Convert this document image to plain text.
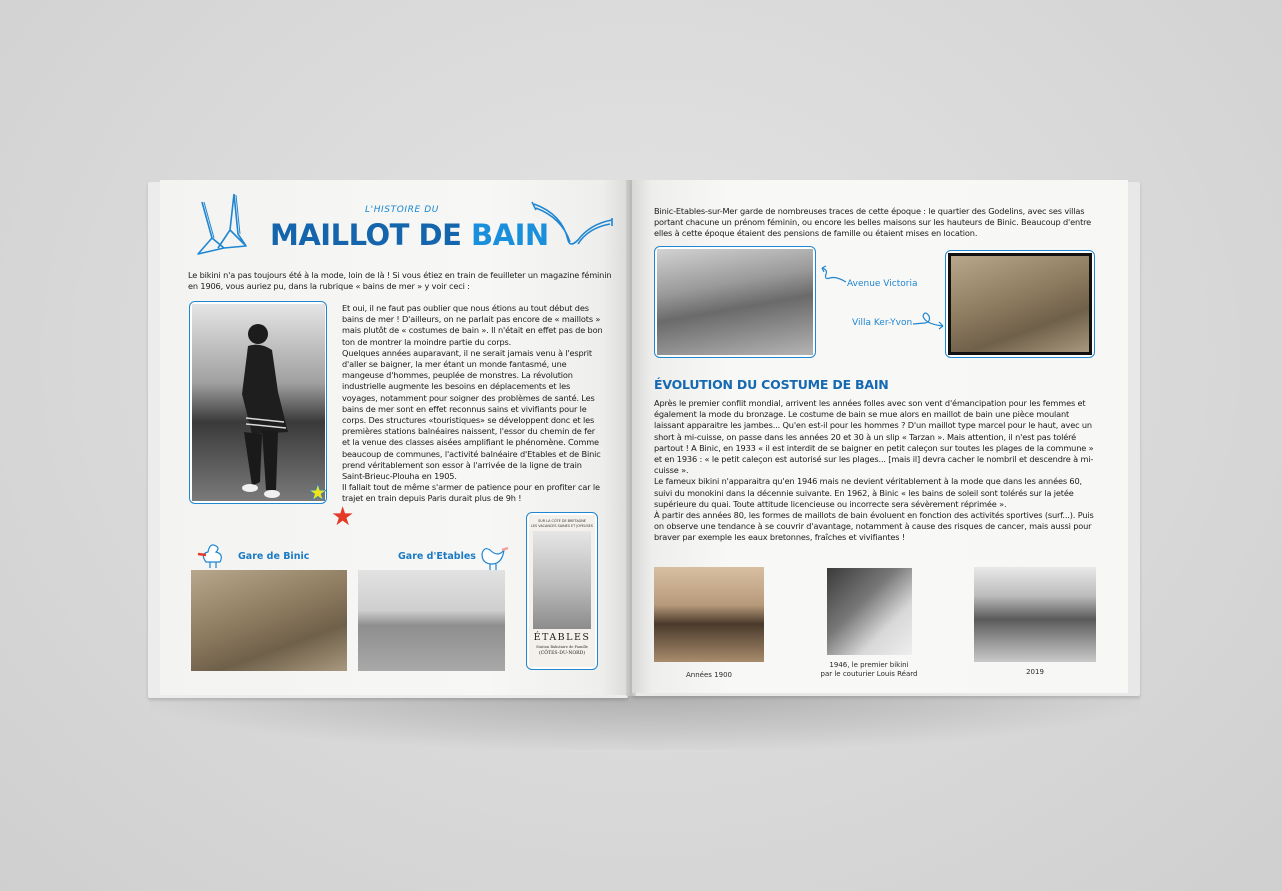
L'HISTOIRE DU
MAILLOT DE BAIN
Le bikini n'a pas toujours été à la mode, loin de là ! Si vous étiez en train de feuilleter un magazine féminin en 1906, vous auriez pu, dans la rubrique « bains de mer » y voir ceci :
★
★
Et oui, il ne faut pas oublier que nous étions au tout début des bains de mer ! D'ailleurs, on ne parlait pas encore de « maillots » mais plutôt de « costumes de bain ». Il n'était en effet pas de bon ton de montrer la moindre partie du corps.
Quelques années auparavant, il ne serait jamais venu à l'esprit d'aller se baigner, la mer étant un monde fantasmé, une mangeuse d'hommes, peuplée de monstres. La révolution industrielle augmente les besoins en déplacements et les voyages, notamment pour soigner des problèmes de santé. Les bains de mer sont en effet reconnus sains et vivifiants pour le corps. Des structures «touristiques» se développent donc et les premières stations balnéaires naissent, l'essor du chemin de fer et la venue des classes aisées amplifiant le phénomène. Comme beaucoup de communes, l'activité balnéaire d'Etables et de Binic prend véritablement son essor à l'arrivée de la ligne de train Saint-Brieuc-Plouha en 1905.
Il fallait tout de même s'armer de patience pour en profiter car le trajet en train depuis Paris durait plus de 9h !
Gare de Binic	Gare d'Etables
SUR LA CÔTE DE BRETAGNE
LES VACANCES SAINES ET JOYEUSES
ÉTABLES
Station Balnéaire de Famille
(CÔTES-DU-NORD)
Binic-Etables-sur-Mer garde de nombreuses traces de cette époque : le quartier des Godelins, avec ses villas portant chacune un prénom féminin, ou encore les belles maisons sur les hauteurs de Binic. Beaucoup d'entre elles à cette époque étaient des pensions de famille ou étaient mises en location.
Avenue Victoria
Villa Ker-Yvon
ÉVOLUTION DU COSTUME DE BAIN
Après le premier conflit mondial, arrivent les années folles avec son vent d'émancipation pour les femmes et également la mode du bronzage. Le costume de bain se mue alors en maillot de bain une pièce moulant laissant apparaitre les jambes... Qu'en est-il pour les hommes ? D'un maillot type marcel pour le haut, avec un short à mi-cuisse, on passe dans les années 20 et 30 à un slip « Tarzan ». Mais attention, il n'est pas toléré partout ! A Binic, en 1933 « il est interdit de se baigner en petit caleçon sur toutes les plages de la commune » et en 1936 : « le petit caleçon est autorisé sur les plages... [mais il] devra cacher le nombril et descendre à mi-cuisse ».
Le fameux bikini n'apparaitra qu'en 1946 mais ne devient véritablement à la mode que dans les années 60, suivi du monokini dans la décennie suivante. En 1962, à Binic « les bains de soleil sont tolérés sur la jetée supérieure du quai. Toute attitude licencieuse ou incorrecte sera sévèrement réprimée ».
À partir des années 80, les formes de maillots de bain évoluent en fonction des activités sportives (surf...). Puis on observe une tendance à se couvrir d'avantage, notamment à cause des risques de cancer, mais aussi pour braver par exemple les eaux bretonnes, fraîches et vivifiantes !
Années 1900
1946, le premier bikini
par le couturier Louis Réard	2019
